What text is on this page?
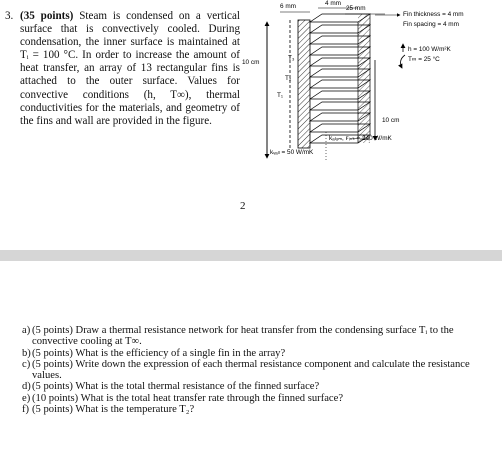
3. (35 points) Steam is condensed on a vertical surface that is convectively cooled. During condensation, the inner surface is maintained at Tᵢ = 100 °C. In order to increase the amount of heat transfer, an array of 13 rectangular fins is attached to the outer surface. Values for convective conditions (h, T∞), thermal conductivities for the materials, and geometry of the fins and wall are provided in the figure.
6 mm	4 mm
25 mm
Fin thickness = 4 mm
Fin spacing = 4 mm
h = 100 W/m²K
T∞ = 25 °C
10 cm
10 cm
T₃
T₂
T₁
kₐₗᵤₘ, ꜰᵢₙₛ = 240 W/mK
kᵥₐₗₗ = 50 W/mK
2
a) (5 points) Draw a thermal resistance network for heat transfer from the condensing surface Tᵢ to the convective cooling at T∞.
b) (5 points) What is the efficiency of a single fin in the array?
c) (5 points) Write down the expression of each thermal resistance component and calculate the resistance values.
d) (5 points) What is the total thermal resistance of the finned surface?
e) (10 points) What is the total heat transfer rate through the finned surface?
f) (5 points) What is the temperature T₂?
